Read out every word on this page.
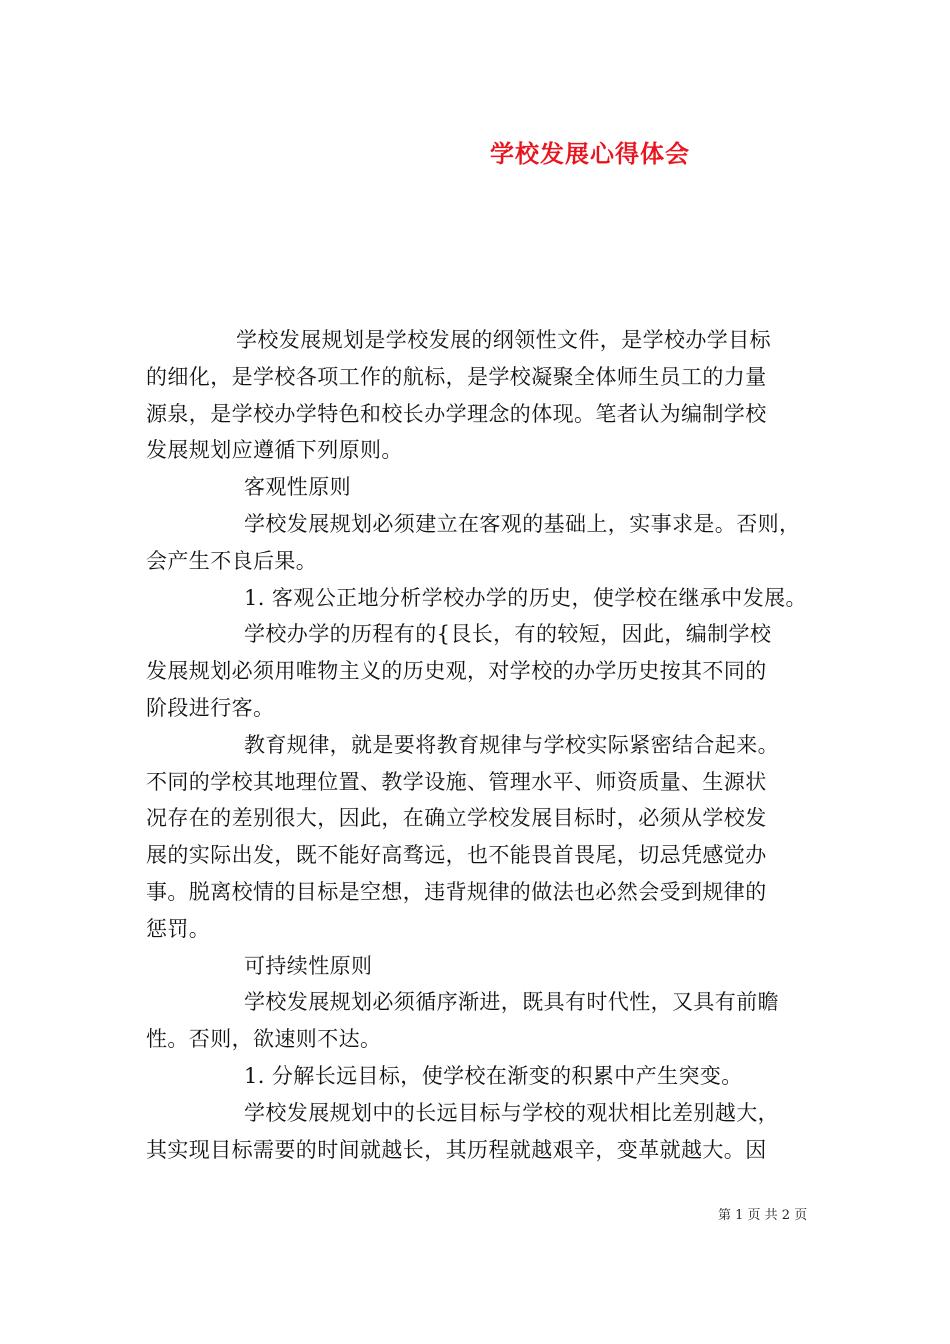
学校发展心得体会
学校发展规划是学校发展的纲领性文件，是学校办学目标
的细化，是学校各项工作的航标，是学校凝聚全体师生员工的力量
源泉，是学校办学特色和校长办学理念的体现。笔者认为编制学校
发展规划应遵循下列原则。
客观性原则
学校发展规划必须建立在客观的基础上，实事求是。否则，
会产生不良后果。
1. 客观公正地分析学校办学的历史，使学校在继承中发展。
学校办学的历程有的{艮长，有的较短，因此，编制学校
发展规划必须用唯物主义的历史观，对学校的办学历史按其不同的
阶段进行客。
教育规律，就是要将教育规律与学校实际紧密结合起来。
不同的学校其地理位置、教学设施、管理水平、师资质量、生源状
况存在的差别很大，因此，在确立学校发展目标时，必须从学校发
展的实际出发，既不能好高骛远，也不能畏首畏尾，切忌凭感觉办
事。脱离校情的目标是空想，违背规律的做法也必然会受到规律的
惩罚。
可持续性原则
学校发展规划必须循序渐进，既具有时代性，又具有前瞻
性。否则，欲速则不达。
1. 分解长远目标，使学校在渐变的积累中产生突变。
学校发展规划中的长远目标与学校的观状相比差别越大，
其实现目标需要的时间就越长，其历程就越艰辛，变革就越大。因
第 1 页 共 2 页
